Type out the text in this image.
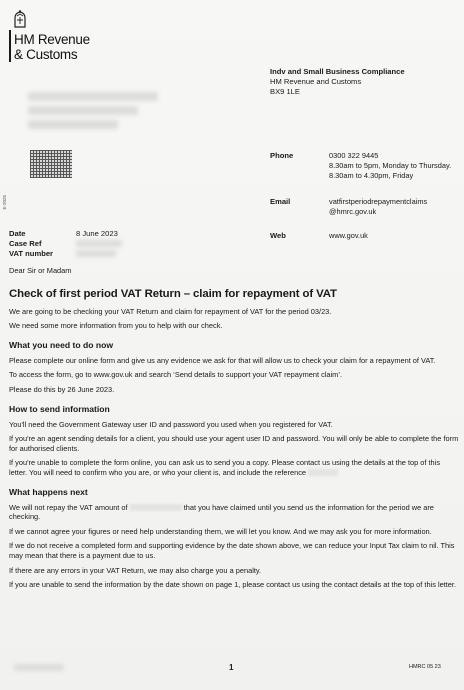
HM Revenue
& Customs
Indv and Small Business Compliance
HM Revenue and Customs
BX9 1LE
Phone	0300 322 9445
8.30am to 5pm, Monday to Thursday. 8.30am to 4.30pm, Friday
Email	vatfirstperiodrepaymentclaims @hmrc.gov.uk
Web	www.gov.uk
E-2025
Date	8 June 2023
Case Ref
VAT number

Dear Sir or Madam

Check of first period VAT Return – claim for repayment of VAT

We are going to be checking your VAT Return and claim for repayment of VAT for the period 03/23.

We need some more information from you to help with our check.

What you need to do now

Please complete our online form and give us any evidence we ask for that will allow us to check your claim for a repayment of VAT.

To access the form, go to www.gov.uk and search ‘Send details to support your VAT repayment claim’.

Please do this by 26 June 2023.

How to send information

You'll need the Government Gateway user ID and password you used when you registered for VAT.

If you're an agent sending details for a client, you should use your agent user ID and password. You will only be able to complete the form for authorised clients.

If you're unable to complete the form online, you can ask us to send you a copy. Please contact us using the details at the top of this letter. You will need to confirm who you are, or who your client is, and include the reference

What happens next

We will not repay the VAT amount of	that you have claimed until you send us the information for the period we are checking.

If we cannot agree your figures or need help understanding them, we will let you know. And we may ask you for more information.

If we do not receive a completed form and supporting evidence by the date shown above, we can reduce your Input Tax claim to nil. This may mean that there is a payment due to us.

If there are any errors in your VAT Return, we may also charge you a penalty.

If you are unable to send the information by the date shown on page 1, please contact us using the contact details at the top of this letter.

1	HMRC 05 23
